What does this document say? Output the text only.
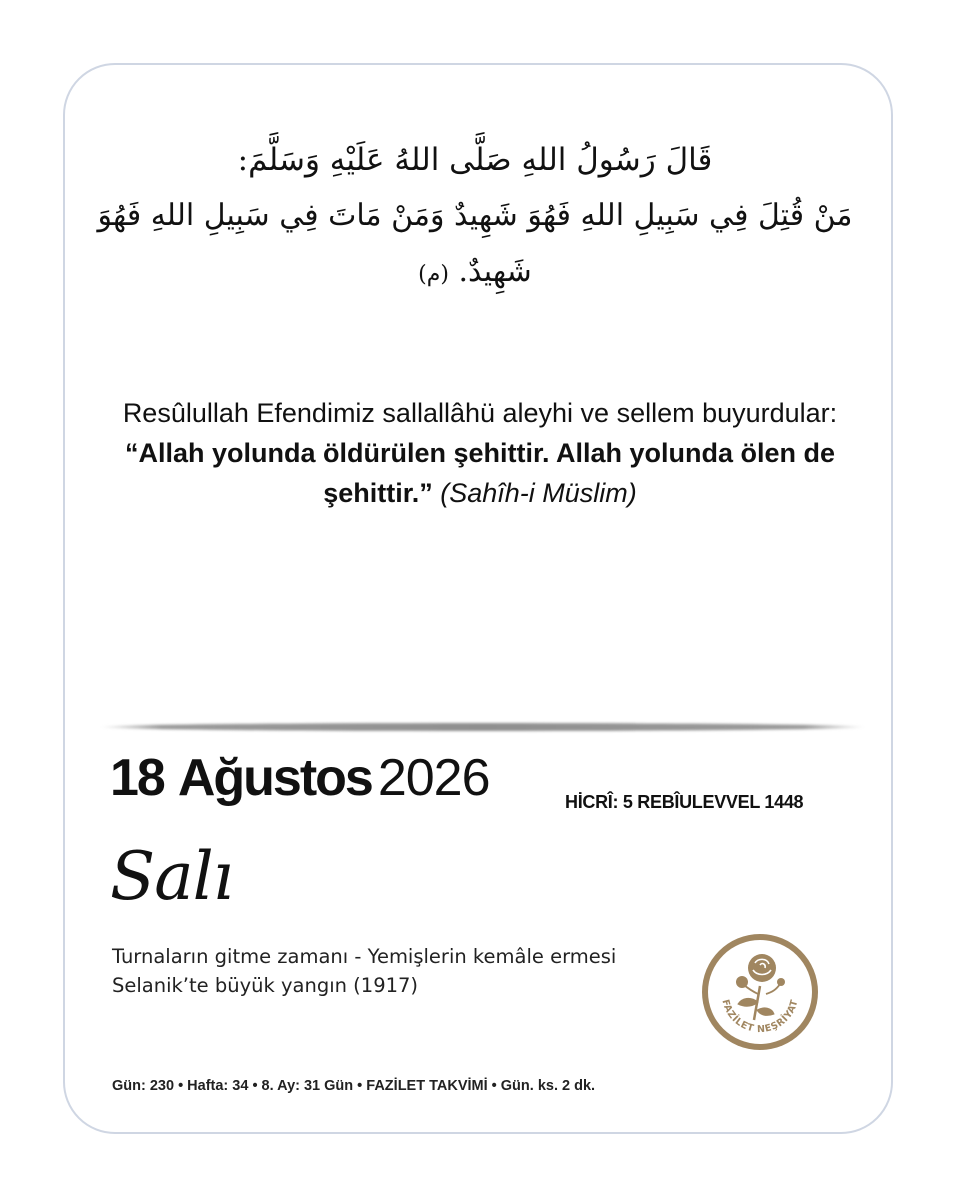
قَالَ رَسُولُ اللهِ صَلَّى اللهُ عَلَيْهِ وَسَلَّمَ:
مَنْ قُتِلَ فِي سَبِيلِ اللهِ فَهُوَ شَهِيدٌ وَمَنْ مَاتَ فِي سَبِيلِ اللهِ فَهُوَ شَهِيدٌ. (م)
Resûlullah Efendimiz sallallâhü aleyhi ve sellem buyurdular: “Allah yolunda öldürülen şehittir. Allah yolunda ölen de şehittir.” (Sahîh-i Müslim)
18 Ağustos 2026	HİCRÎ: 5 REBÎULEVVEL 1448
Salı
Turnaların gitme zamanı - Yemişlerin kemâle ermesi
Selanik’te büyük yangın (1917)
Gün: 230 • Hafta: 34 • 8. Ay: 31 Gün • FAZİLET TAKVİMİ • Gün. ks. 2 dk.
FAZİLET NEŞRİYAT
